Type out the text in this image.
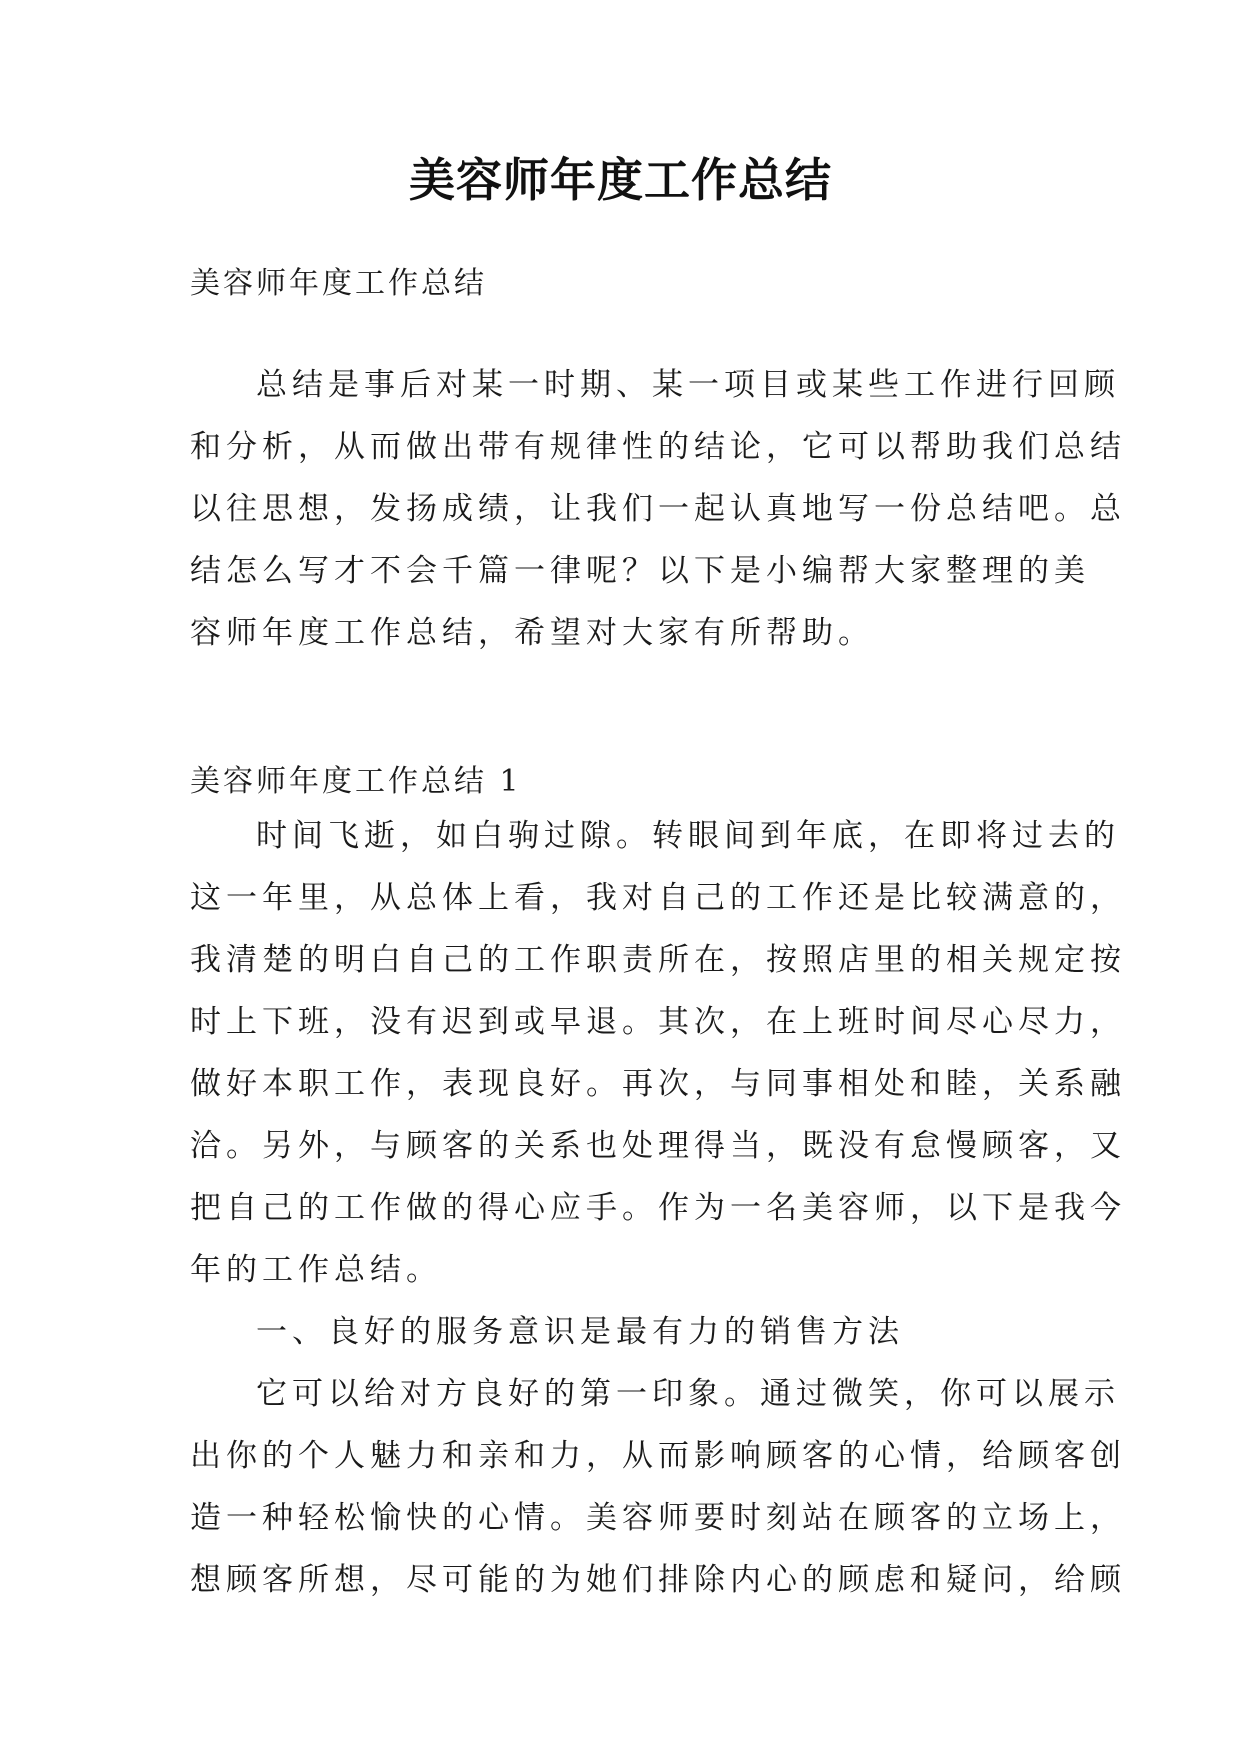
美容师年度工作总结
美容师年度工作总结
总结是事后对某一时期、某一项目或某些工作进行回顾
和分析，从而做出带有规律性的结论，它可以帮助我们总结
以往思想，发扬成绩，让我们一起认真地写一份总结吧。总
结怎么写才不会千篇一律呢？以下是小编帮大家整理的美
容师年度工作总结，希望对大家有所帮助。
美容师年度工作总结 1
时间飞逝，如白驹过隙。转眼间到年底，在即将过去的
这一年里，从总体上看，我对自己的工作还是比较满意的，
我清楚的明白自己的工作职责所在，按照店里的相关规定按
时上下班，没有迟到或早退。其次，在上班时间尽心尽力，
做好本职工作，表现良好。再次，与同事相处和睦，关系融
洽。另外，与顾客的关系也处理得当，既没有怠慢顾客，又
把自己的工作做的得心应手。作为一名美容师，以下是我今
年的工作总结。
一、良好的服务意识是最有力的销售方法
它可以给对方良好的第一印象。通过微笑，你可以展示
出你的个人魅力和亲和力，从而影响顾客的心情，给顾客创
造一种轻松愉快的心情。美容师要时刻站在顾客的立场上，
想顾客所想，尽可能的为她们排除内心的顾虑和疑问，给顾
